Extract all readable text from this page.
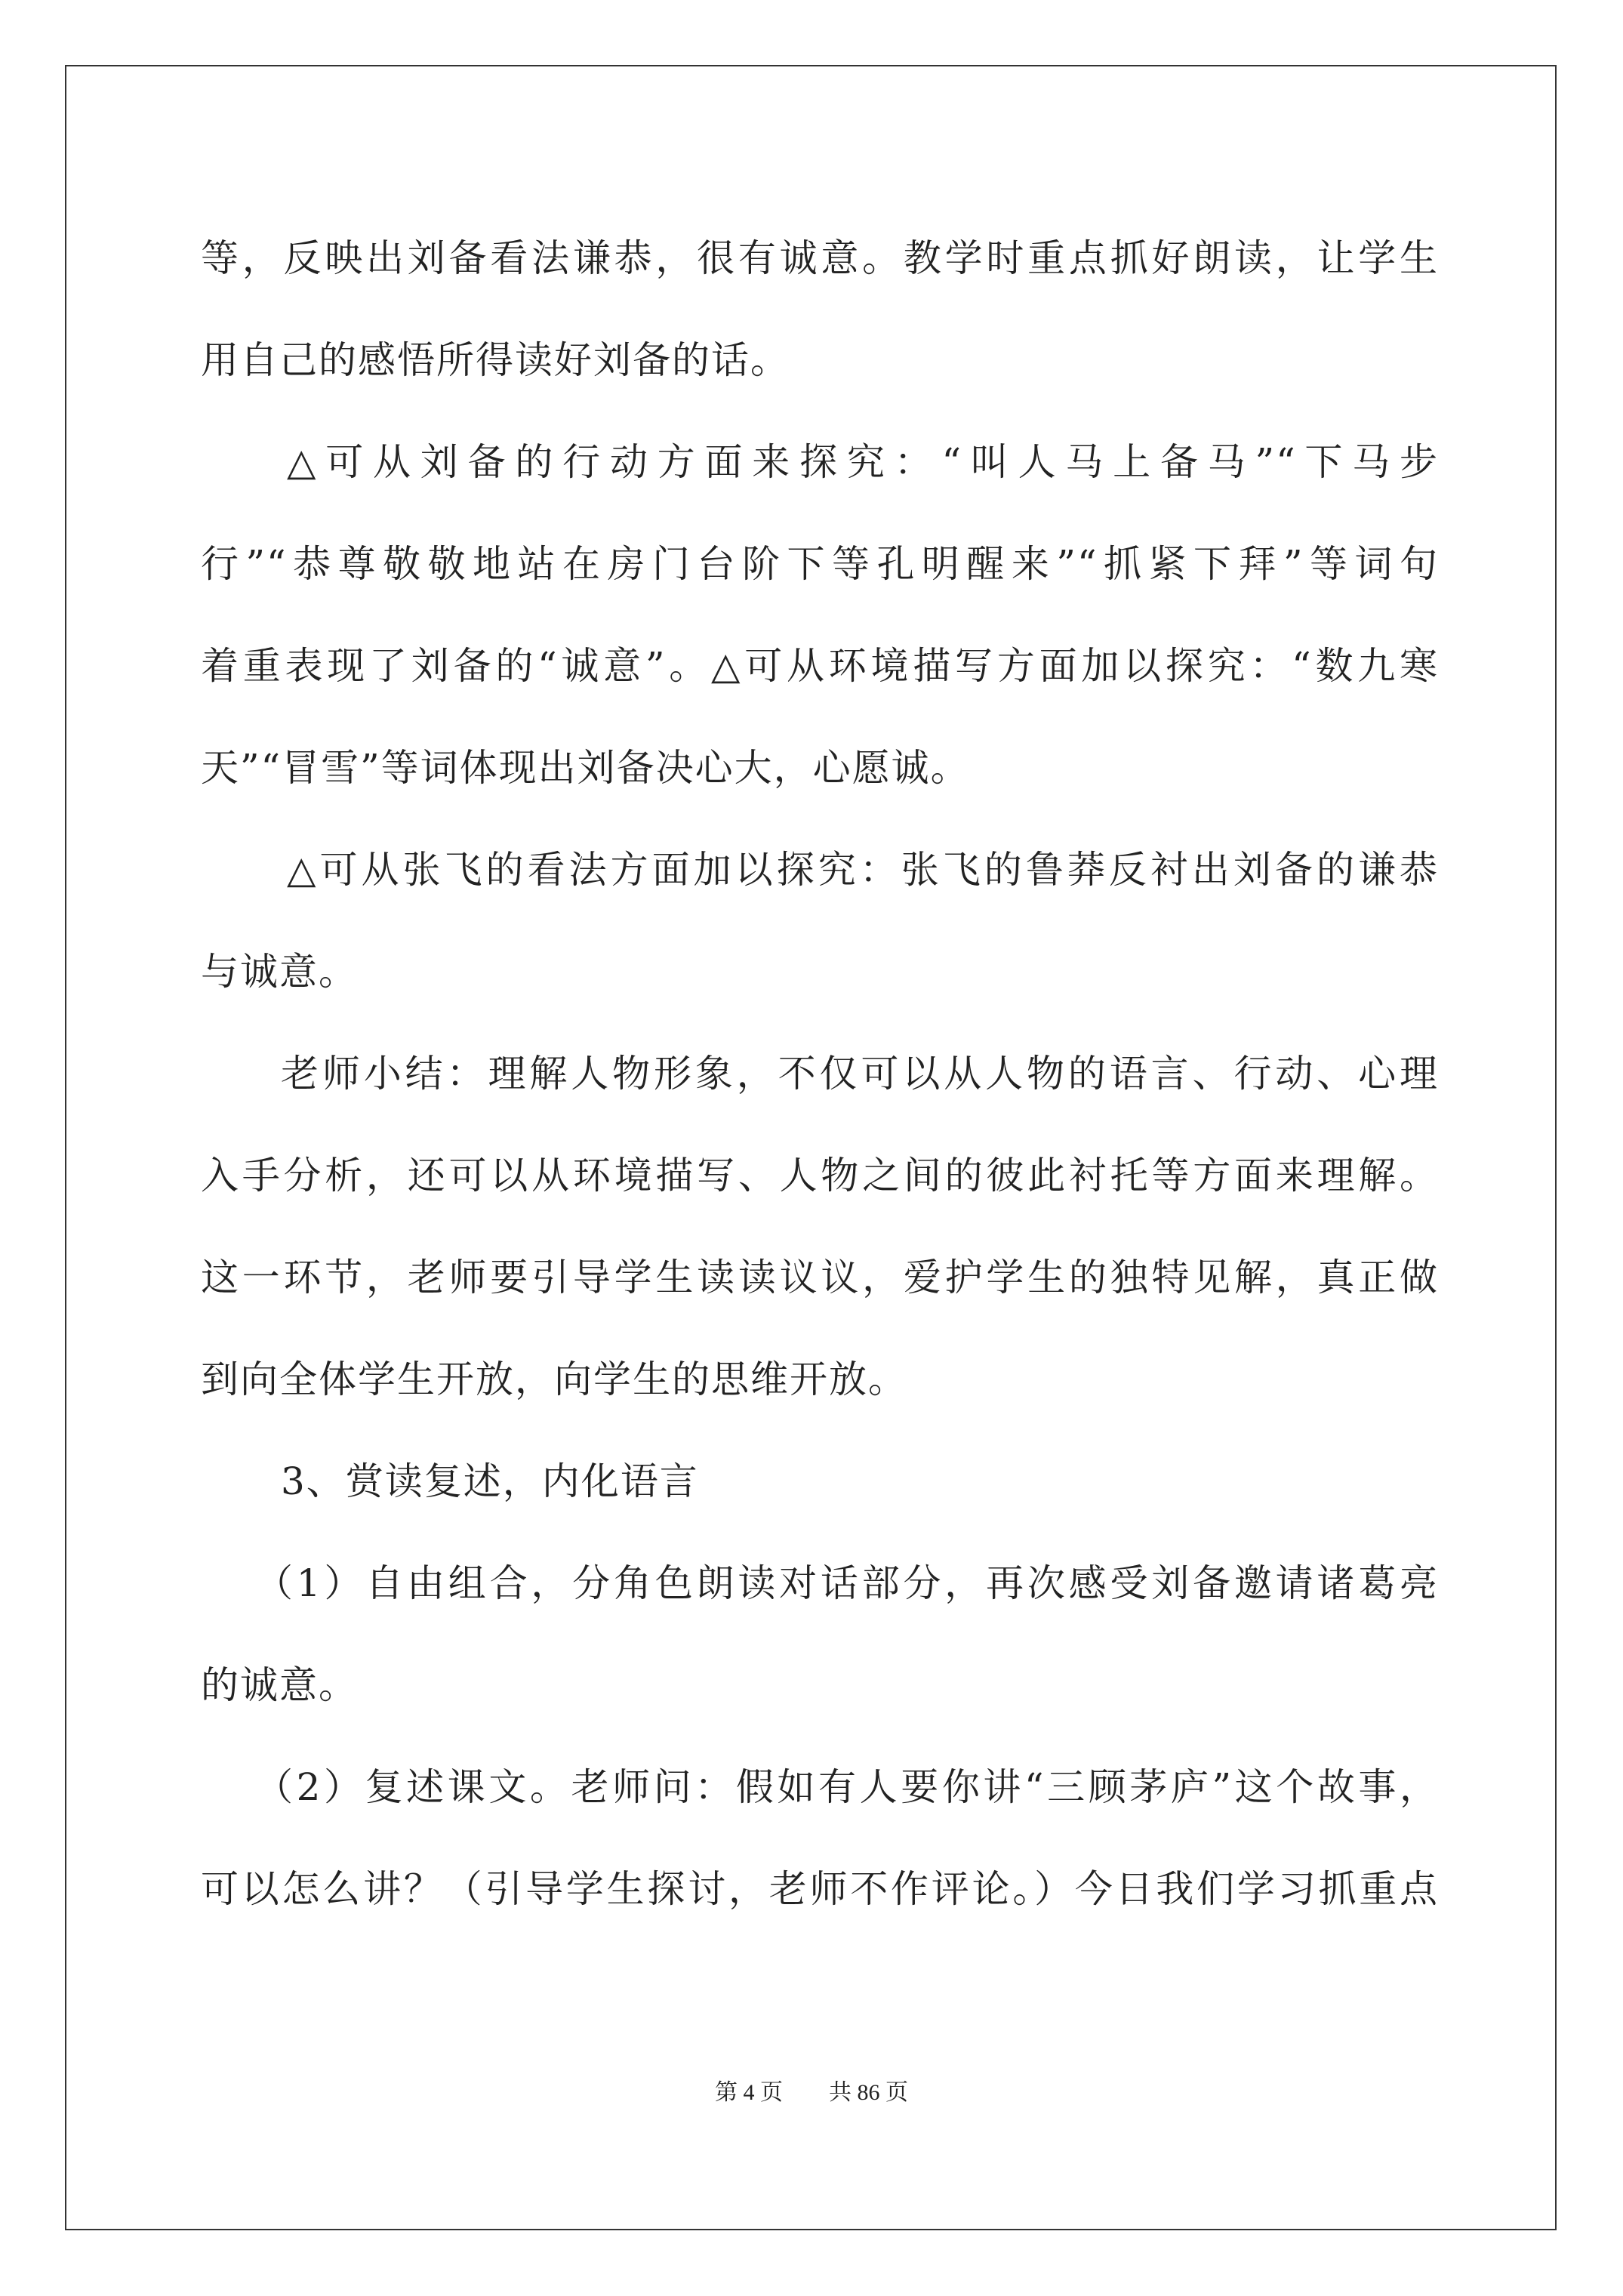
等，反映出刘备看法谦恭，很有诚意。教学时重点抓好朗读，让学生
用自己的感悟所得读好刘备的话。
△可从刘备的行动方面来探究：“叫人马上备马”“下马步
行”“恭尊敬敬地站在房门台阶下等孔明醒来”“抓紧下拜”等词句
着重表现了刘备的“诚意”。△可从环境描写方面加以探究：“数九寒
天”“冒雪”等词体现出刘备决心大，心愿诚。
△可从张飞的看法方面加以探究：张飞的鲁莽反衬出刘备的谦恭
与诚意。
老师小结：理解人物形象，不仅可以从人物的语言、行动、心理
入手分析，还可以从环境描写、人物之间的彼此衬托等方面来理解。
这一环节，老师要引导学生读读议议，爱护学生的独特见解，真正做
到向全体学生开放，向学生的思维开放。
3、赏读复述，内化语言
（1）自由组合，分角色朗读对话部分，再次感受刘备邀请诸葛亮
的诚意。
（2）复述课文。老师问：假如有人要你讲“三顾茅庐”这个故事，
可以怎么讲？（引导学生探讨，老师不作评论。）今日我们学习抓重点
第 4 页 共 86 页
